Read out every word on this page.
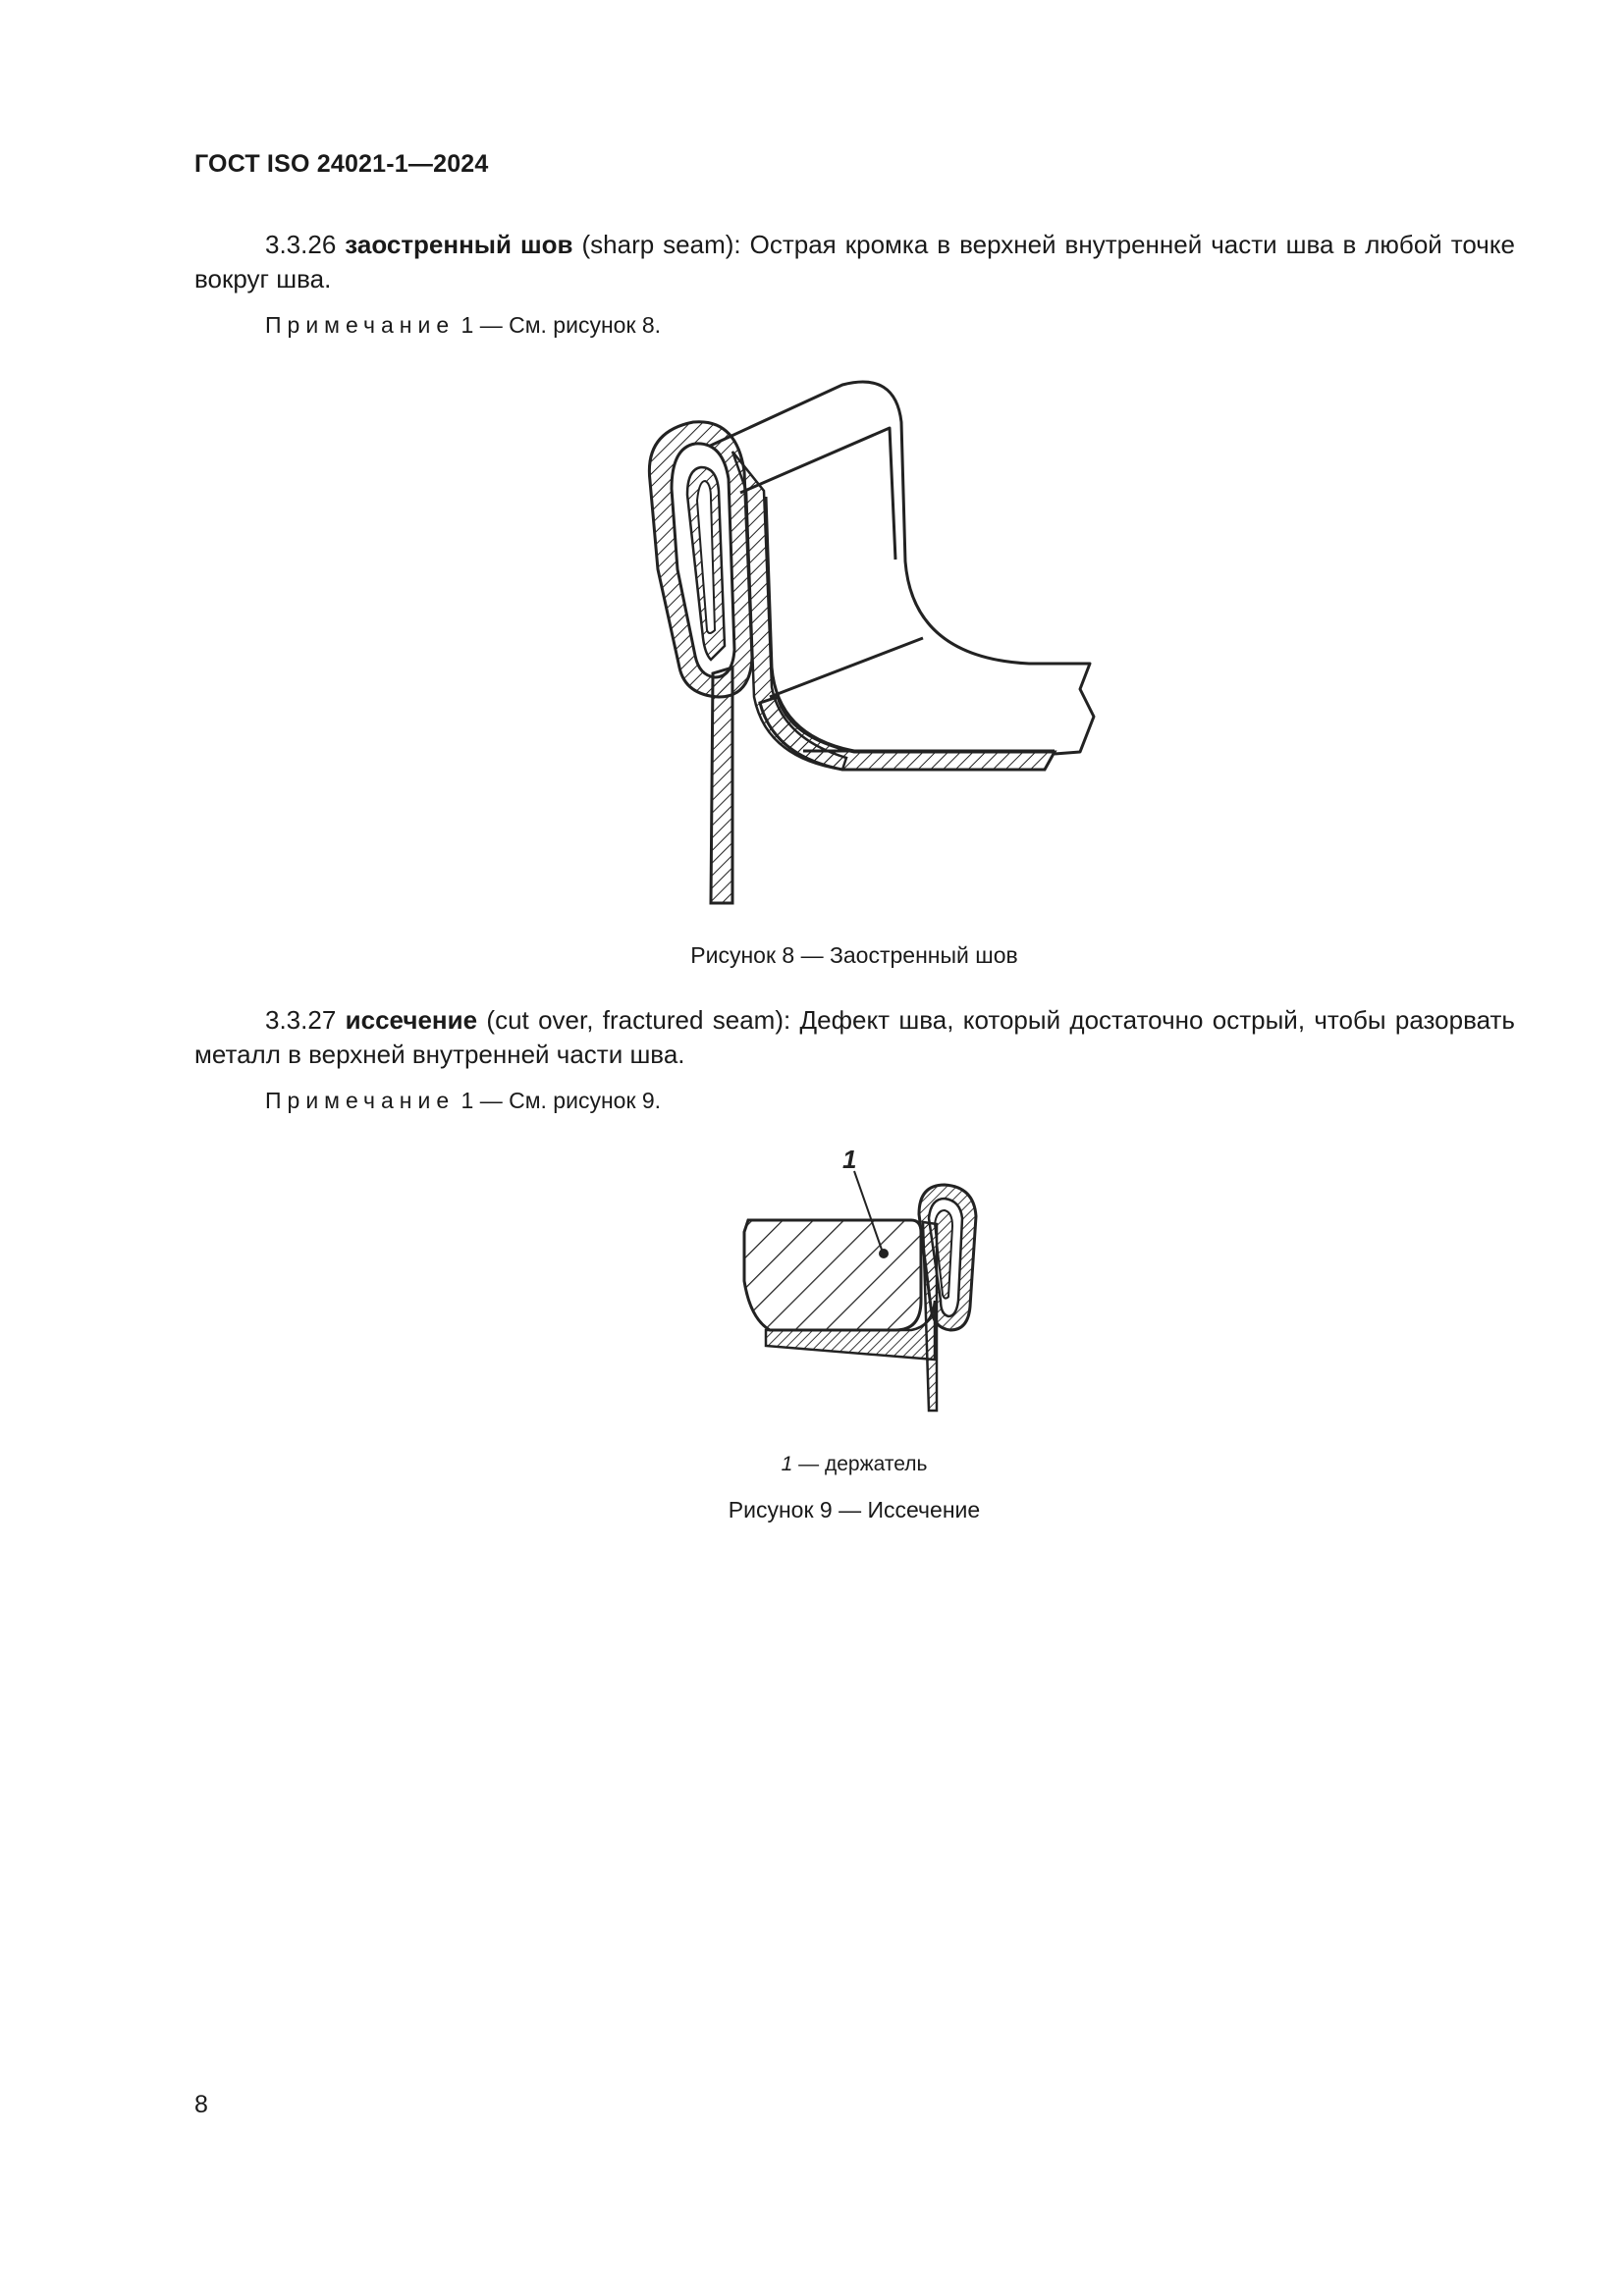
ГОСТ ISO 24021-1—2024
3.3.26 заостренный шов (sharp seam): Острая кромка в верхней внутренней части шва в любой точке вокруг шва.
Примечание 1 — См. рисунок 8.
Рисунок 8 — Заостренный шов
3.3.27 иссечение (cut over, fractured seam): Дефект шва, который достаточно острый, чтобы разорвать металл в верхней внутренней части шва.
Примечание 1 — См. рисунок 9.
1
1 — держатель
Рисунок 9 — Иссечение
8
